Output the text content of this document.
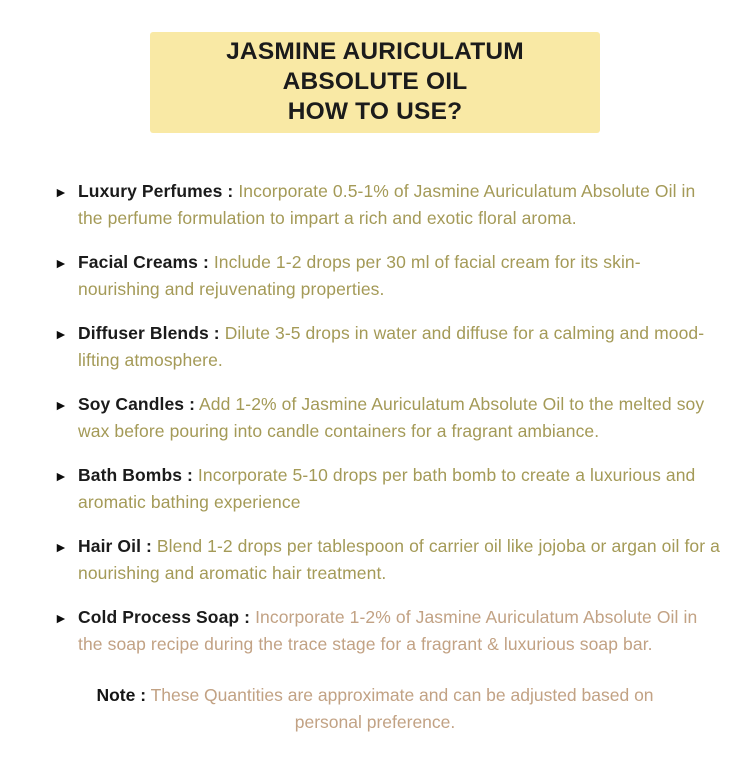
JASMINE AURICULATUM ABSOLUTE OIL
HOW TO USE?
► Luxury Perfumes : Incorporate 0.5-1% of Jasmine Auriculatum Absolute Oil in the perfume formulation to impart a rich and exotic floral aroma.
► Facial Creams : Include 1-2 drops per 30 ml of facial cream for its skin-nourishing and rejuvenating properties.
► Diffuser Blends : Dilute 3-5 drops in water and diffuse for a calming and mood-lifting atmosphere.
► Soy Candles : Add 1-2% of Jasmine Auriculatum Absolute Oil to the melted soy wax before pouring into candle containers for a fragrant ambiance.
► Bath Bombs : Incorporate 5-10 drops per bath bomb to create a luxurious and aromatic bathing experience
► Hair Oil : Blend 1-2 drops per tablespoon of carrier oil like jojoba or argan oil for a nourishing and aromatic hair treatment.
► Cold Process Soap : Incorporate 1-2% of Jasmine Auriculatum Absolute Oil in the soap recipe during the trace stage for a fragrant & luxurious soap bar.
Note : These Quantities are approximate and can be adjusted based on personal preference.
